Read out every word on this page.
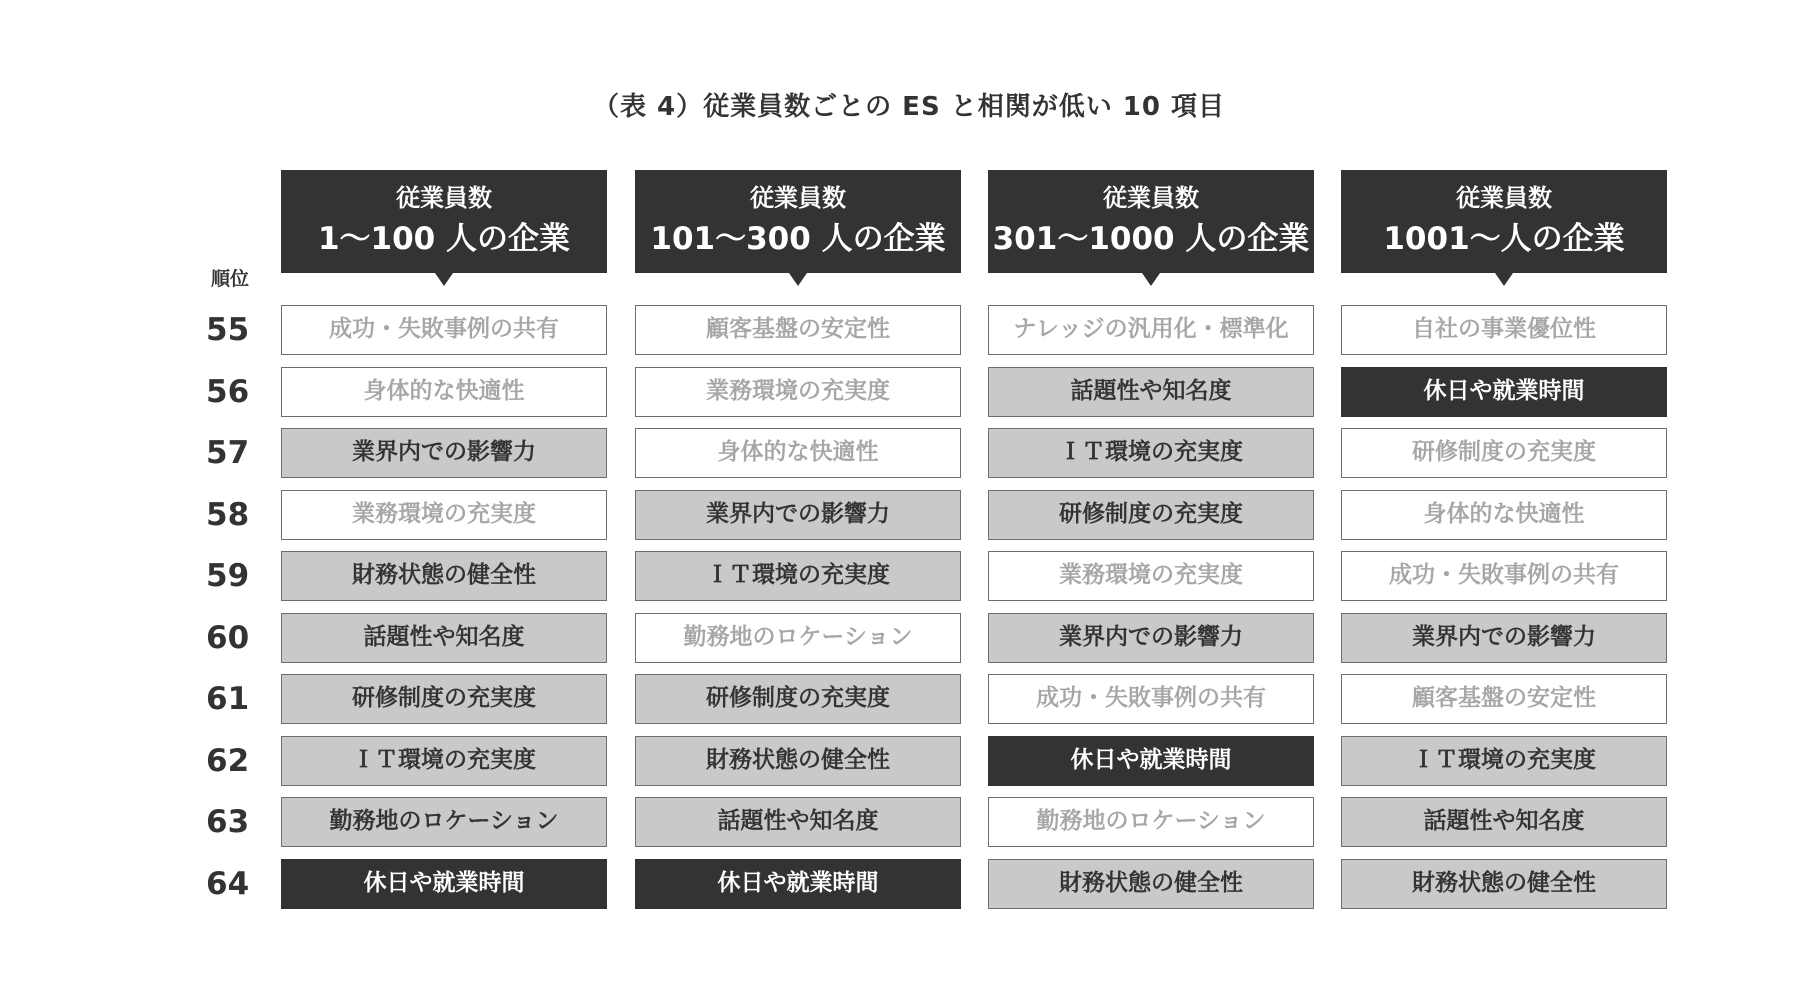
（表 4）従業員数ごとの ES と相関が低い 10 項目
順位
従業員数
1～100 人の企業
従業員数
101～300 人の企業
従業員数
301～1000 人の企業
従業員数
1001～人の企業
55
56
57
58
59
60
61
62
63
64
成功・失敗事例の共有
身体的な快適性
業界内での影響力
業務環境の充実度
財務状態の健全性
話題性や知名度
研修制度の充実度
ＩＴ環境の充実度
勤務地のロケーション
休日や就業時間
顧客基盤の安定性
業務環境の充実度
身体的な快適性
業界内での影響力
ＩＴ環境の充実度
勤務地のロケーション
研修制度の充実度
財務状態の健全性
話題性や知名度
休日や就業時間
ナレッジの汎用化・標準化
話題性や知名度
ＩＴ環境の充実度
研修制度の充実度
業務環境の充実度
業界内での影響力
成功・失敗事例の共有
休日や就業時間
勤務地のロケーション
財務状態の健全性
自社の事業優位性
休日や就業時間
研修制度の充実度
身体的な快適性
成功・失敗事例の共有
業界内での影響力
顧客基盤の安定性
ＩＴ環境の充実度
話題性や知名度
財務状態の健全性
